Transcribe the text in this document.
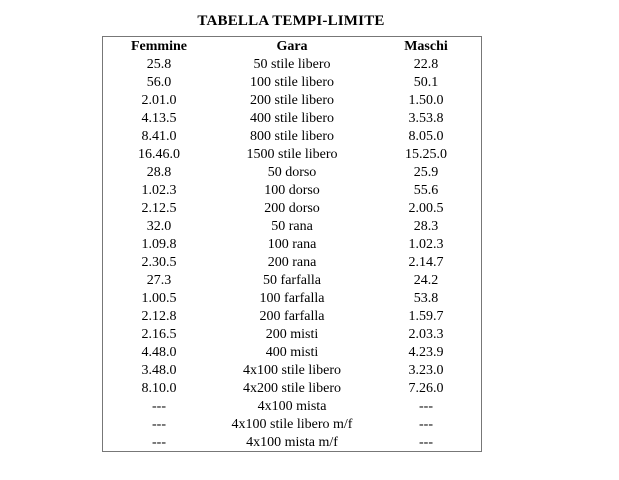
TABELLA TEMPI-LIMITE
Femmine	Gara	Maschi
25.8	50 stile libero	22.8
56.0	100 stile libero	50.1
2.01.0	200 stile libero	1.50.0
4.13.5	400 stile libero	3.53.8
8.41.0	800 stile libero	8.05.0
16.46.0	1500 stile libero	15.25.0
28.8	50 dorso	25.9
1.02.3	100 dorso	55.6
2.12.5	200 dorso	2.00.5
32.0	50 rana	28.3
1.09.8	100 rana	1.02.3
2.30.5	200 rana	2.14.7
27.3	50 farfalla	24.2
1.00.5	100 farfalla	53.8
2.12.8	200 farfalla	1.59.7
2.16.5	200 misti	2.03.3
4.48.0	400 misti	4.23.9
3.48.0	4x100 stile libero	3.23.0
8.10.0	4x200 stile libero	7.26.0
---	4x100 mista	---
---	4x100 stile libero m/f	---
---	4x100 mista m/f	---
